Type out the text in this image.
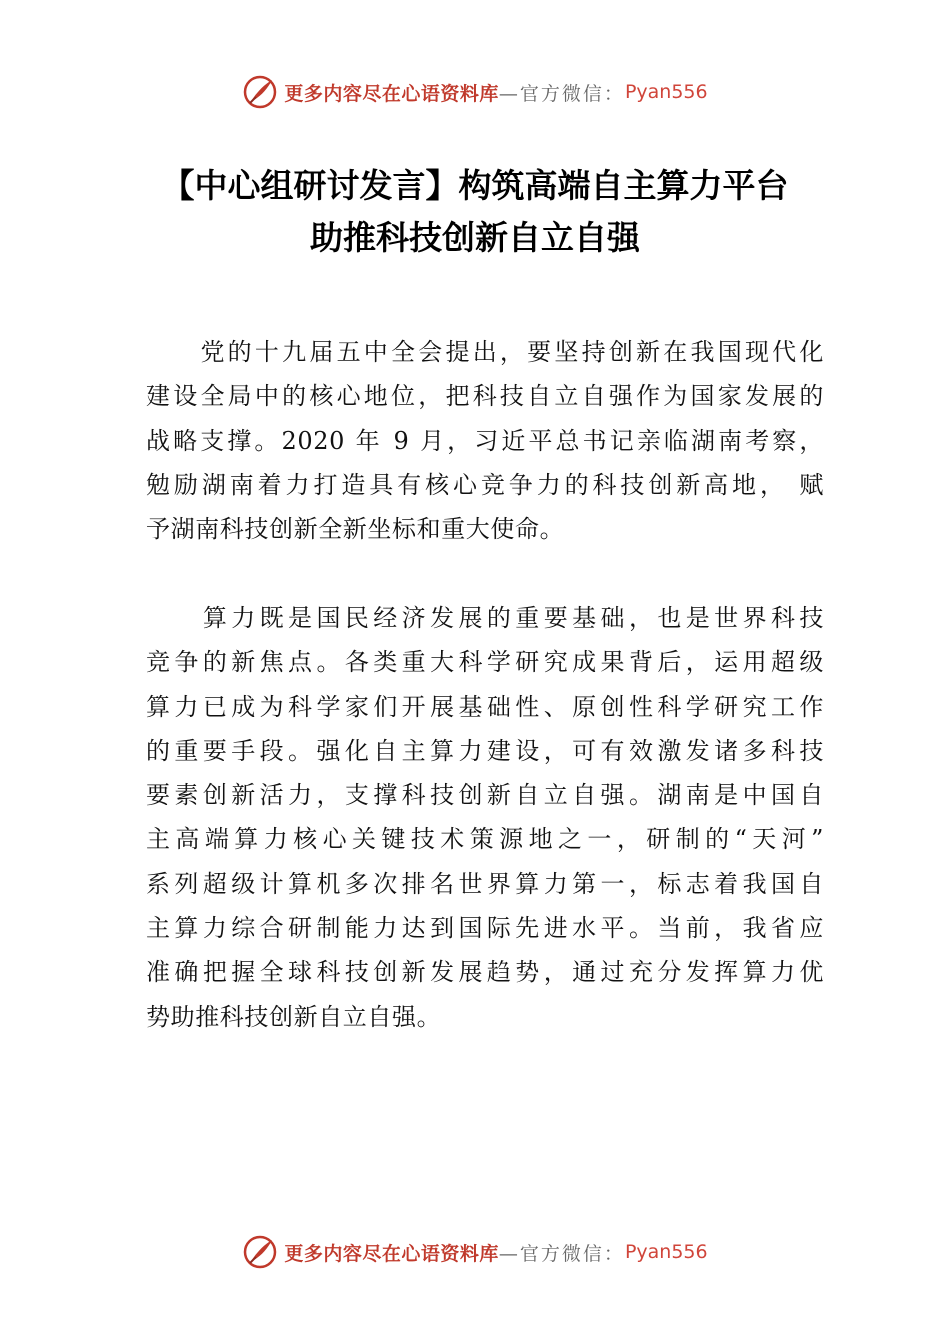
更多内容尽在心语资料库 —官方微信： Pyan556
【中心组研讨发言】构筑高端自主算力平台
助推科技创新自立自强

　　党的十九届五中全会提出，要坚持创新在我国现代化
建设全局中的核心地位，把科技自立自强作为国家发展的
战略支撑。2020 年 9 月，习近平总书记亲临湖南考察，
勉励湖南着力打造具有核心竞争力的科技创新高地， 赋
予湖南科技创新全新坐标和重大使命。

　　算力既是国民经济发展的重要基础，也是世界科技
竞争的新焦点。各类重大科学研究成果背后，运用超级
算力已成为科学家们开展基础性、原创性科学研究工作
的重要手段。强化自主算力建设，可有效激发诸多科技
要素创新活力，支撑科技创新自立自强。湖南是中国自
主高端算力核心关键技术策源地之一，研制的“天河”
系列超级计算机多次排名世界算力第一，标志着我国自
主算力综合研制能力达到国际先进水平。当前，我省应
准确把握全球科技创新发展趋势，通过充分发挥算力优
势助推科技创新自立自强。

更多内容尽在心语资料库 —官方微信： Pyan556
